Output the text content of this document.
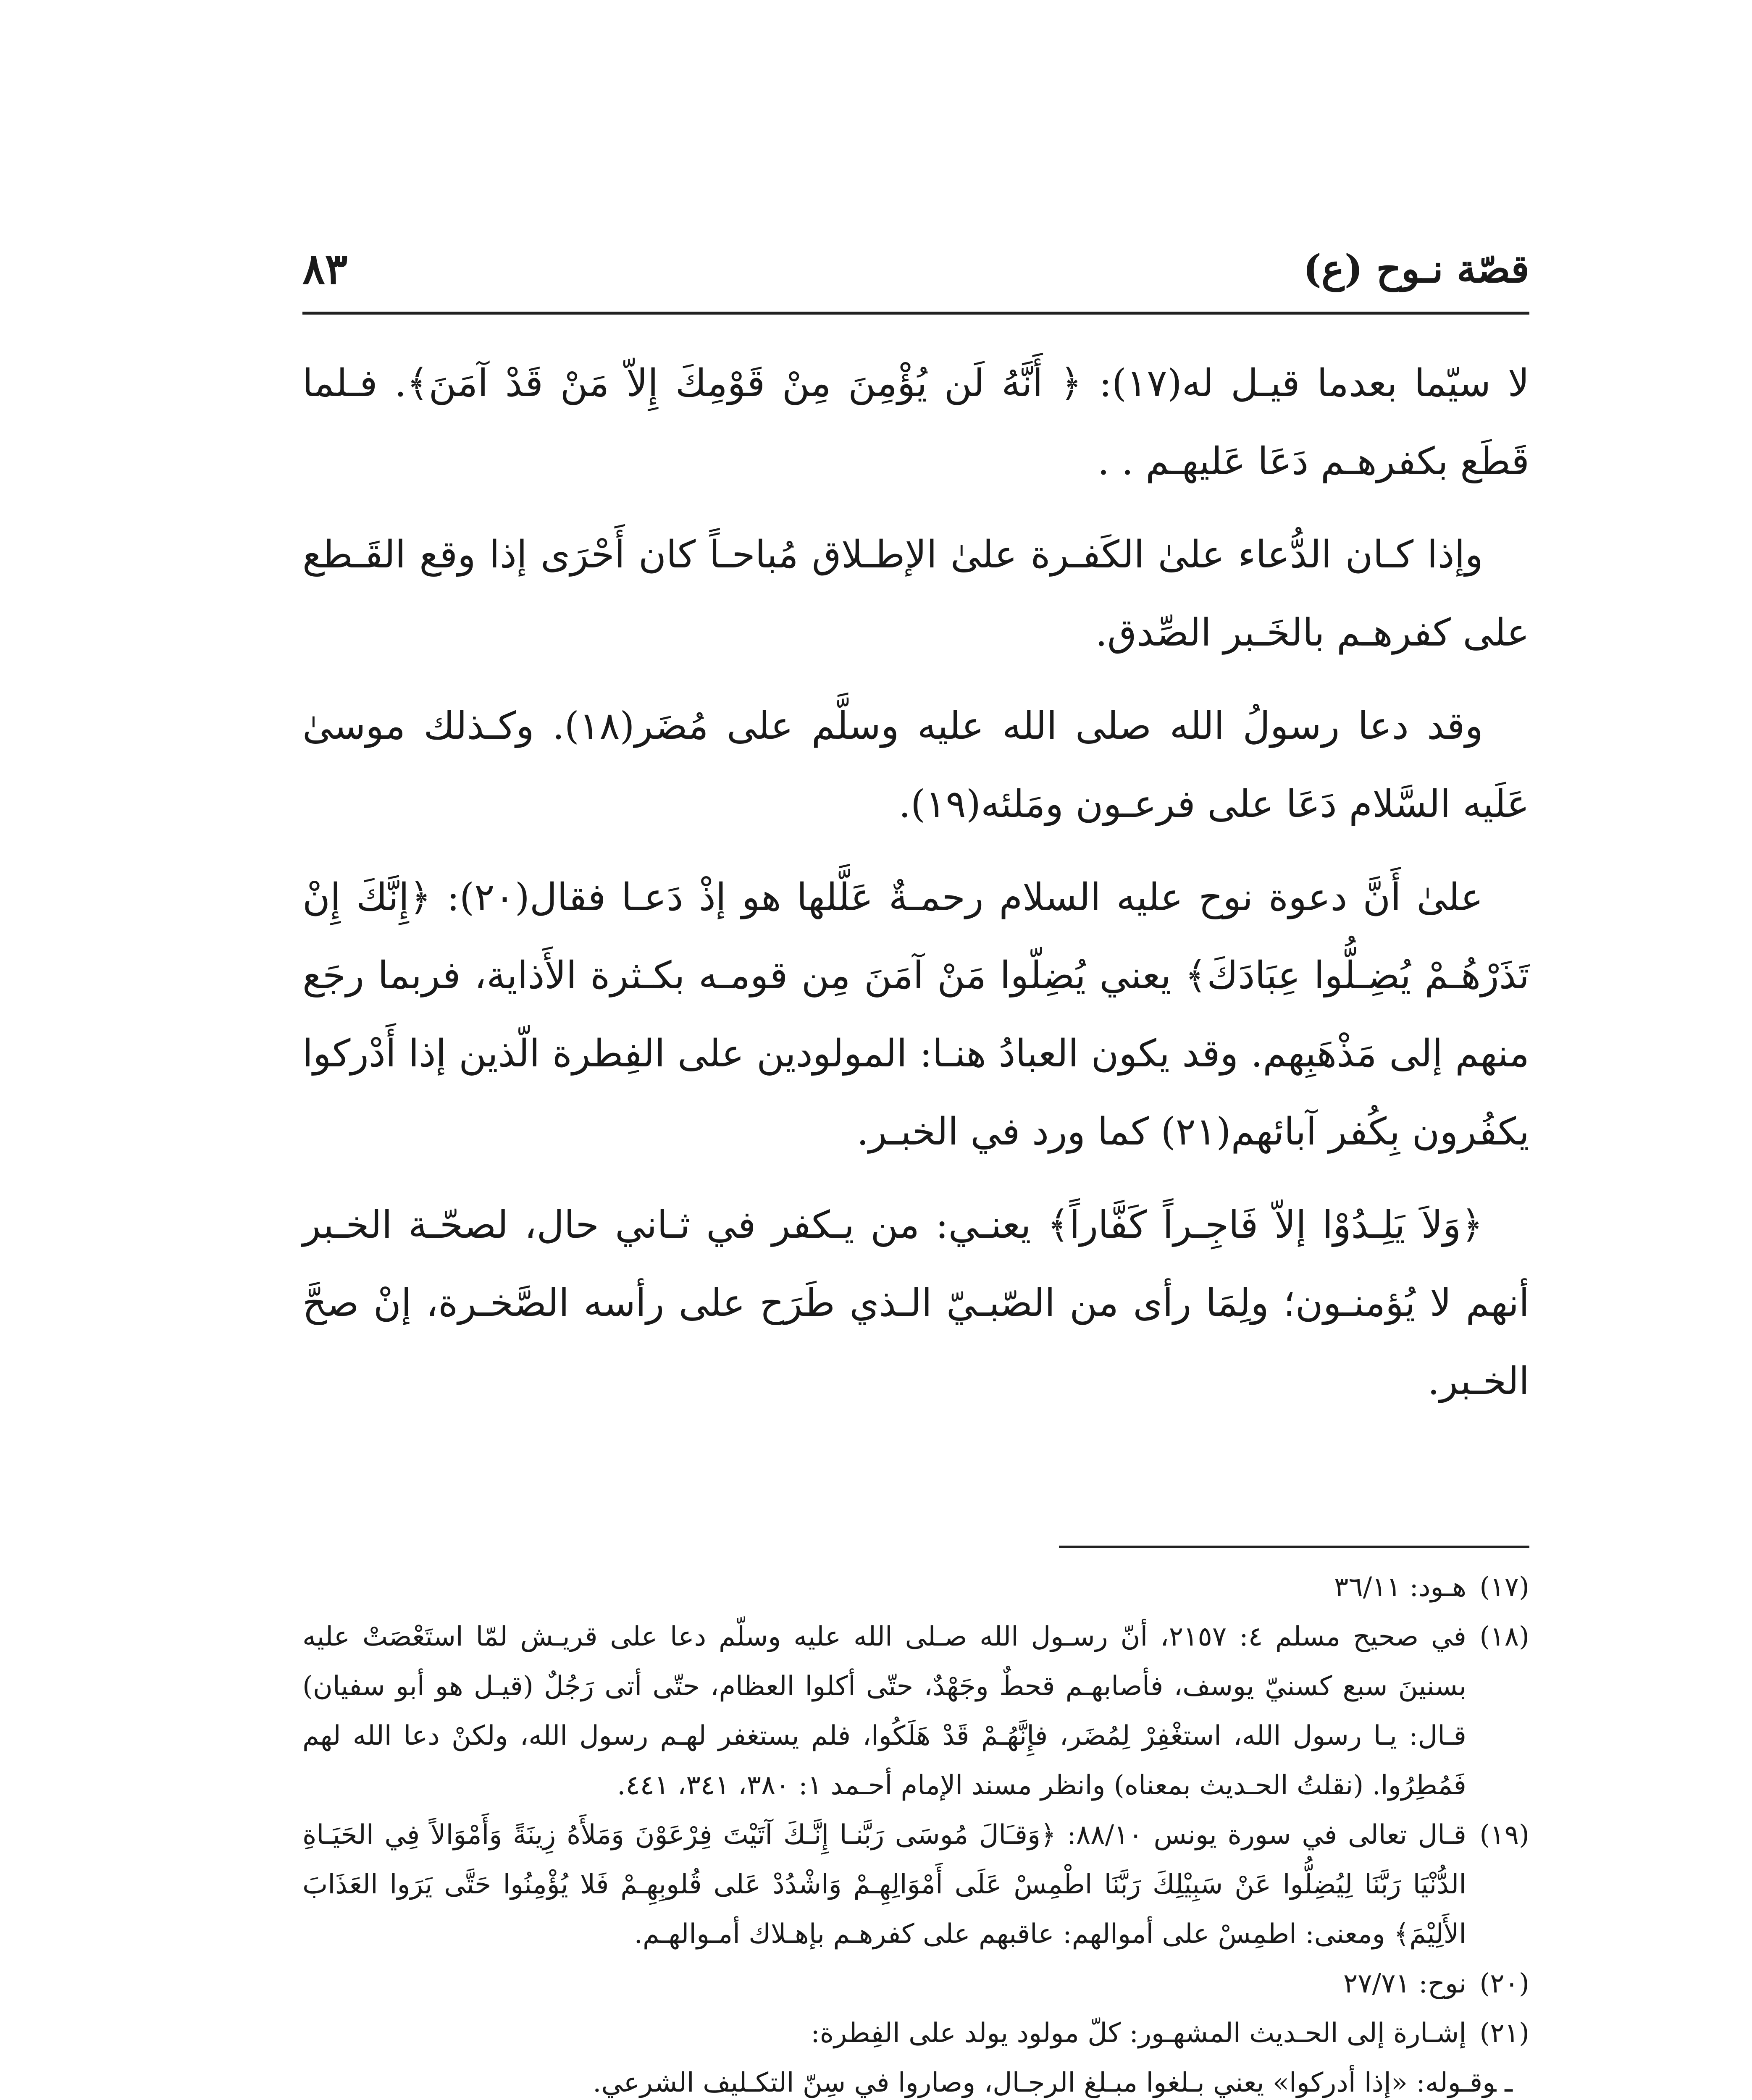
قصّة نـوح (ع)
٨٣

لا سيّما بعدما قيـل له(١٧): ﴿ أَنَّهُ لَن يُؤْمِنَ مِنْ قَوْمِكَ إِلاّ مَنْ قَدْ آمَنَ﴾. فـلما قَطَع بكفرهـم دَعَا عَليهـم . .

وإذا كـان الدُّعاء علىٰ الكَفـرة علىٰ الإطـلاق مُباحـاً كان أَحْرَى إذا وقع القَـطع على كفرهـم بالخَـبر الصِّدق.

وقد دعا رسولُ الله صلى الله عليه وسلَّم على مُضَر(١٨). وكـذلك موسىٰ عَلَيه السَّلام دَعَا على فرعـون ومَلئه(١٩).

علىٰ أَنَّ دعوة نوح عليه السلام رحمـةٌ عَلَّلها هو إذْ دَعـا فقال(٢٠): ﴿إِنَّكَ إِنْ تَذَرْهُـمْ يُضِـلُّوا عِبَادَكَ﴾ يعني يُضِلّوا مَنْ آمَنَ مِن قومـه بكـثرة الأَذاية، فربما رجَع منهم إلى مَذْهَبِهم. وقد يكون العبادُ هنـا: المولودين على الفِطرة الّذين إذا أَدْركوا يكفُرون بِكُفر آبائهم(٢١) كما ورد في الخبـر.

﴿وَلاَ يَلِـدُوْا إلاّ فَاجِـراً كَفَّاراً﴾ يعنـي: من يـكفر في ثـاني حال، لصحّـة الخـبر أنهم لا يُؤمنـون؛ ولِمَا رأى من الصّبـيّ الـذي طَرَح على رأسه الصَّخـرة، إنْ صحَّ الخـبر.

(١٧)
هـود: ٣٦/١١

(١٨)
في صحيح مسلم ٤: ٢١٥٧، أنّ رسـول الله صـلى الله عليه وسلّم دعا على قريـش لمّا استَعْصَتْ عليه بسنينَ سبع كسنيّ يوسف، فأصابهـم قحطٌ وجَهْدٌ، حتّى أكلوا العظام، حتّى أتى رَجُلٌ (قيـل هو أبو سفيان) قـال: يـا رسول الله، استغْفِرْ لِمُضَر، فإِنَّهُـمْ قَدْ هَلَكُوا، فلم يستغفر لهـم رسول الله، ولكنْ دعا الله لهم فَمُطِرُوا. (نقلتُ الحـديث بمعناه) وانظر مسند الإمام أحـمد ١: ٣٨٠، ٣٤١، ٤٤١.

(١٩)
قـال تعالى في سورة يونس ٨٨/١٠: ﴿وَقـَالَ مُوسَى رَبَّنـا إِنَّـكَ آتَيْتَ فِرْعَوْنَ وَمَلأَهُ زِينَةً وَأَمْوَالاً فِي الحَيَـاةِ الدُّنْيَا رَبَّنَا لِيُضِلُّوا عَنْ سَبِيْلِكَ رَبَّنَا اطْمِسْ عَلَى أَمْوَالِهِـمْ وَاشْدُدْ عَلى قُلوبِهِـمْ فَلا يُؤْمِنُوا حَتَّى يَرَوا العَذَابَ الأَلِيْمَ﴾ ومعنى: اطمِسْ على أموالهم: عاقبهم على كفرهـم بإهـلاك أمـوالهـم.

(٢٠)
نوح: ٢٧/٧١

(٢١)
إشـارة إلى الحـديث المشهـور: كلّ مولود يولد على الفِطرة:

ـوقـوله: «إذا أدركوا» يعني بـلغوا مبـلغ الرجـال، وصاروا في سِنّ التكـليف الشرعي.
